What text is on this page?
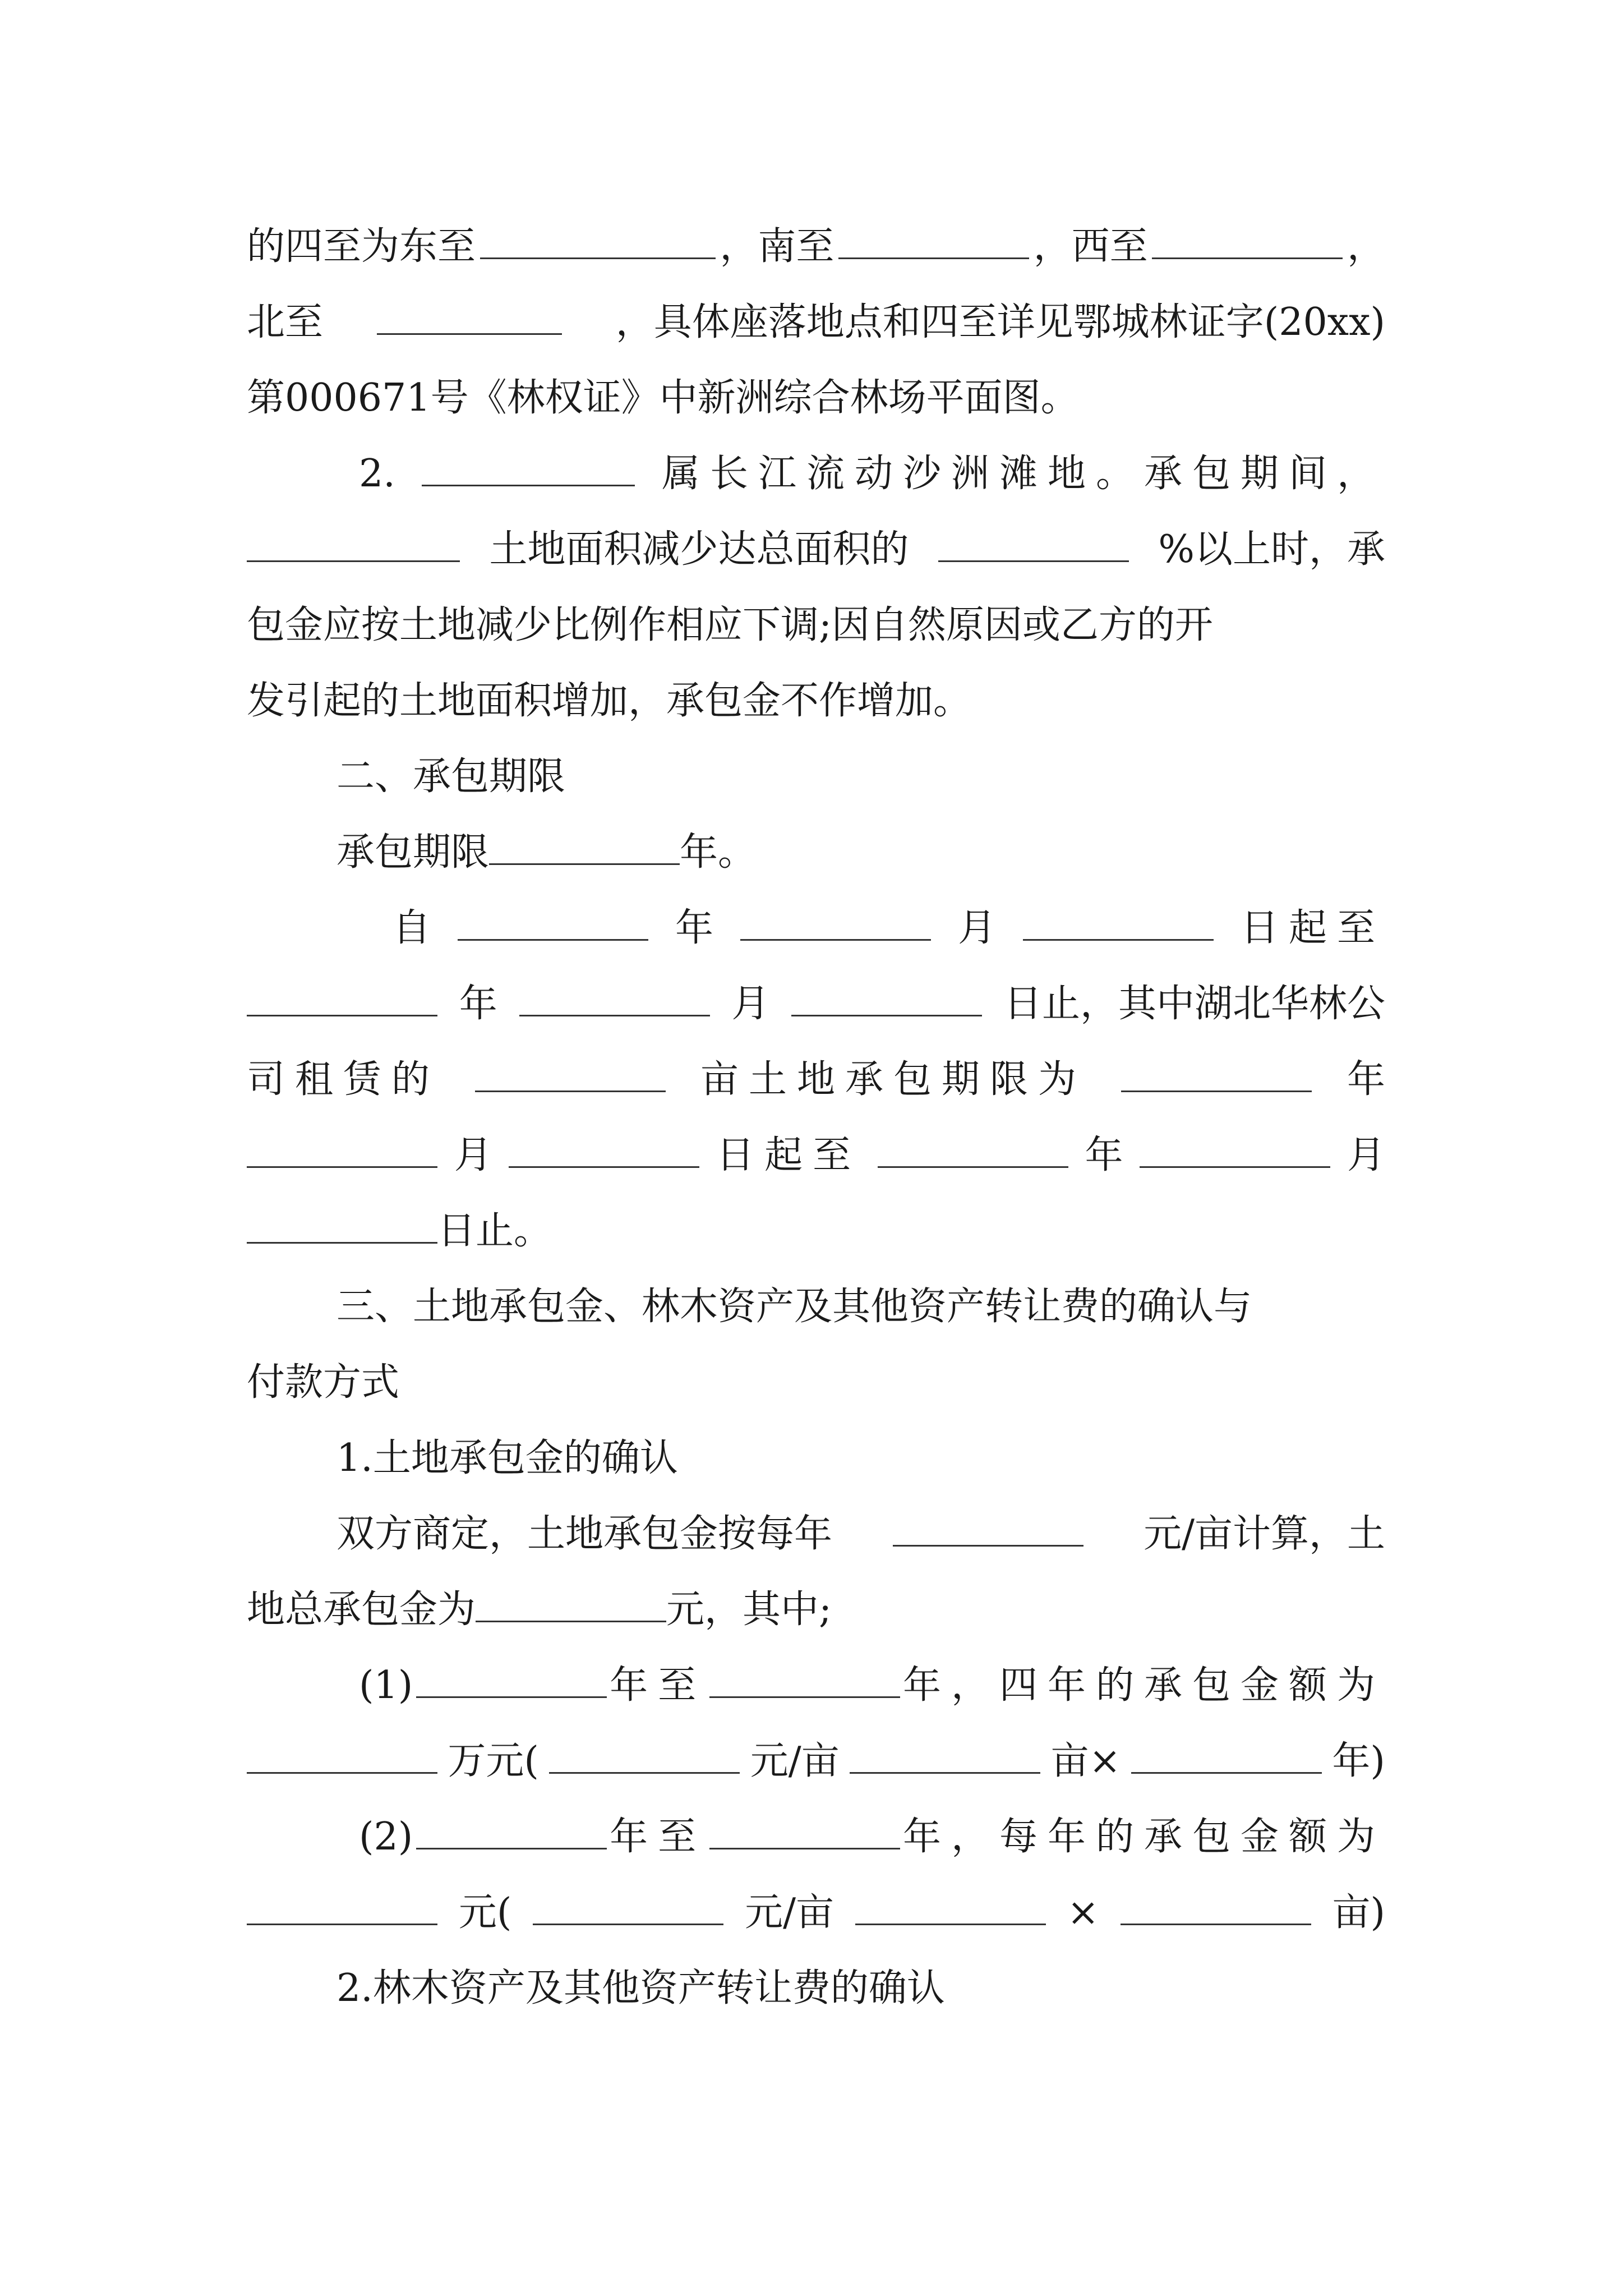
的四至为东至	，南至	，西至	，
北至	，具体座落地点和四至详见鄂城林证字(20xx)
第000671号《林权证》中新洲综合林场平面图。
2.	属长江流动沙洲滩地。承包期间，
土地面积减少达总面积的	%以上时，承
包金应按土地减少比例作相应下调;因自然原因或乙方的开
发引起的土地面积增加，承包金不作增加。
二、承包期限
承包期限	年。
自	年	月	日起至
年	月	日止，其中湖北华林公
司租赁的	亩土地承包期限为	年
月	日起至	年	月
日止。
三、土地承包金、林木资产及其他资产转让费的确认与
付款方式
1.土地承包金的确认
双方商定，土地承包金按每年	元/亩计算，土
地总承包金为	元，其中;
(1)	年至	年，四年的承包金额为
万元(	元/亩	亩×	年)
(2)	年至	年，每年的承包金额为
元(	元/亩	×	亩)
2.林木资产及其他资产转让费的确认
